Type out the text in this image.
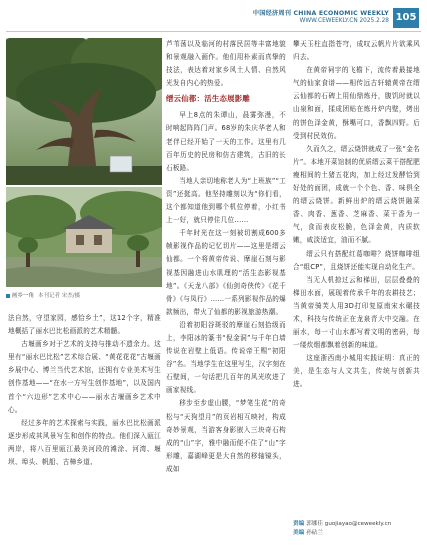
中国经济周刊 CHINA ECONOMIC WEEKLY
WWW.CEWEEKLY.CN 2025.2.28 105
画乡一角 本刊记者 宋杰/摄

法自然，守望家园，感恰乡土”，这12个字，精准地概括了丽水巴比松画派的艺术精髓。

古堰画乡对于艺术的支持与推动不遗余力。这里有“丽水巴比松”艺术综合展、“黄花花花”古堰画乡展中心、博兰当代艺术馆，还拥有专业美术写生创作基地——“在水一方写生创作基地”，以及国内首个“六边形”艺术中心——丽水古堰画乡艺术中心。

经过多年的艺术探索与实践，丽水巴比松画派逐步形成其风景写生和创作的特点。他们深入瓯江两岸，将八百里瓯江最美河段的滩涂、河湾、堰坝、埠头、帆船、古樟乡道、

芦苇荡以及临河的村落民居等丰富地貌和景观融入画作。他们用朴素而真挚的技法，表达着对家乡风土人情、自然风光发自内心的热爱。

缙云仙都：活生态展影雕

早上8点的朱谭山，晨雾弥漫，不时响起阵阵门声。68岁的朱庆华老人和老伴已经开始了一天的工作。这里有几百年历史的民房和仿古建筑，古旧的长石板路。

当地人亲切地称老人为“上班族”“工资”还挺高。他坚持雕刻以为“你们看，这个都知道他到哪个机位停着，小红书上一好，就只停住几位......

千年时光在这一刻被切割成600多帧影视作品的记忆切片——这里是缙云仙都。一个将黄帝传说、摩崖石刻与影视基因融进山水肌理的“活生态影视基地”。《天龙八部》《仙剑奇侠传》《花千骨》《与凤行》……一系列影视作品的爆款频出，带火了仙都的影视旅游热潮。

沿着初阳谷斑驳的摩崖石刻拾级而上，李阳冰的篆书“倪金洞”与千年白墙传说在岩壁上低语。传说帝王赐“初阳谷”名。当地学生在这里写生，汉字刻在石壁间，一句话把几百年的风光吹进了画家视线。

移步至步虚山腰，“梦笔生花”的奇松与“天狗望月”的页岩相互映衬，构成奇妙景观，当游客身影嵌入三块奇石构成的“山”字，雅中融而便不住了“山”字形雕，嘉湖峰更是大自然的移轴镜头，成如

攀天玉柱直指苍穹，成叹云帆片片欲乘风归去。

在黄帝祠宇的飞檐下，流传着最接地气的仙家食谱——相传远古轩辕黄帝在缙云仙都的石碑上用仙鼎炼丹，腹饥时就以山泉和面，揉成团贴在炼丹炉内壁，烤出的饼色泽金黄，酥嘴可口，香飘四野。后受到村民效仿。

久而久之，缙云烧饼就成了一张“金名片”。本地开菜馆制的优质缙云菜干搭配肥瘦相间的土猪五花肉，加上经过发酵恰到好处的面团，成就一个个色、香、味俱全的缙云烧饼。新鲜出炉的缙云烧饼融菜香、肉香、葱香、芝麻香、菜干香为一气，食而表皮松脆，色泽金黄，内质软嫩，咸淡适宜，油而不腻。

缙云只有搭配红葛咖啡？烧饼咖啡组合“组CP”，且烧饼还能实现自动化生产。

当无人机掠过云和梯田，层层叠叠的梯田水面，展现着传承千年的农耕技艺；当黄帝骑芙人用3D打印复原南宋水碾技术，科技与传统正在龙泉青大中交融。在丽水，每一寸山水都写着文明的密码，每一缕炊烟都飘着创新的味道。

这座浙西南小城用实践证明：真正的美，是生态与人文共生，传统与创新共进。

责编 郭娜佳 guojiayao@ceweekly.cn
美编 孙砧兰
